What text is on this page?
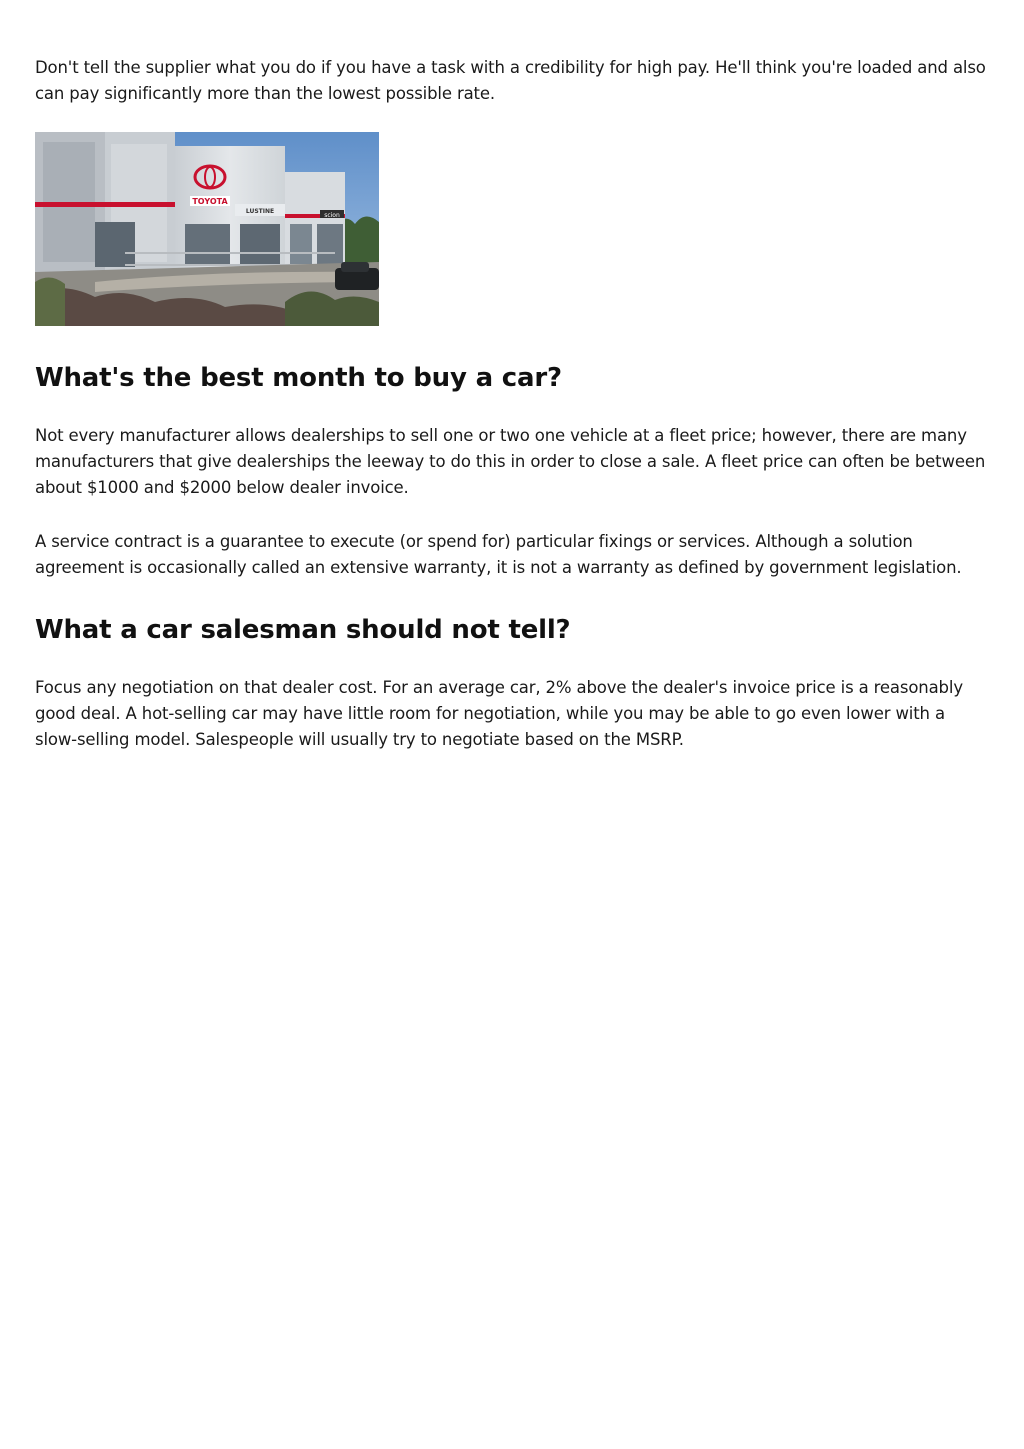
Don't tell the supplier what you do if you have a task with a credibility for high pay. He'll think you're loaded and also can pay significantly more than the lowest possible rate.

TOYOTA
LUSTINE
scion
What's the best month to buy a car?

Not every manufacturer allows dealerships to sell one or two one vehicle at a fleet price; however, there are many manufacturers that give dealerships the leeway to do this in order to close a sale. A fleet price can often be between about $1000 and $2000 below dealer invoice.

A service contract is a guarantee to execute (or spend for) particular fixings or services. Although a solution agreement is occasionally called an extensive warranty, it is not a warranty as defined by government legislation.

What a car salesman should not tell?

Focus any negotiation on that dealer cost. For an average car, 2% above the dealer's invoice price is a reasonably good deal. A hot-selling car may have little room for negotiation, while you may be able to go even lower with a slow-selling model. Salespeople will usually try to negotiate based on the MSRP.
